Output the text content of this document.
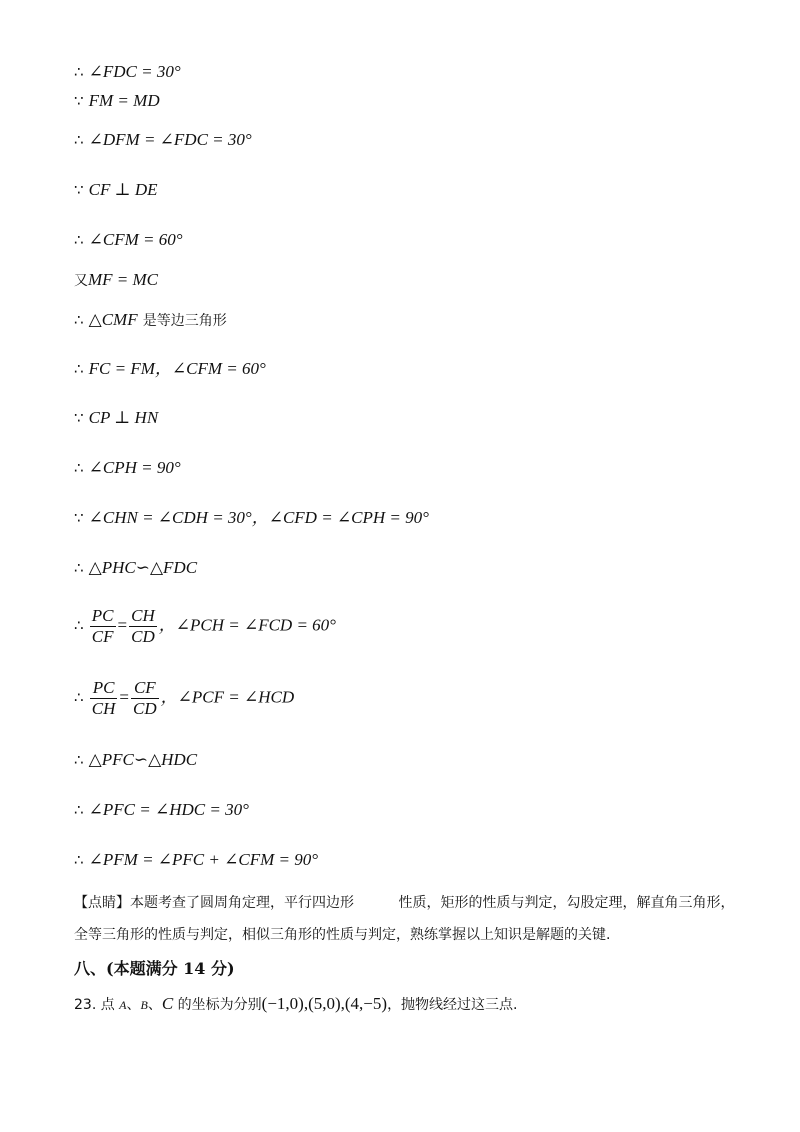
∴ ∠FDC = 30°
∵ FM = MD
∴ ∠DFM = ∠FDC = 30°
∵ CF ⊥ DE
∴ ∠CFM = 60°
又MF = MC
∴ △CMF 是等边三角形
∴ FC = FM，∠CFM = 60°
∵ CP ⊥ HN
∴ ∠CPH = 90°
∵ ∠CHN = ∠CDH = 30°，∠CFD = ∠CPH = 90°
∴ △PHC∽△FDC
∴ $\frac{PC}{CF} = \frac{CH}{CD}$ ，∠PCH = ∠FCD = 60°
∴ $\frac{PC}{CH} = \frac{CF}{CD}$ ，∠PCF = ∠HCD
∴ △PFC∽△HDC
∴ ∠PFC = ∠HDC = 30°
∴ ∠PFM = ∠PFC + ∠CFM = 90°
【点睛】本题考查了圆周角定理，平行四边形          性质，矩形的性质与判定，勾股定理，解直角三角形，
全等三角形的性质与判定，相似三角形的性质与判定，熟练掌握以上知识是解题的关键.
八、(本题满分 14 分)
23. 点 A、B、C 的坐标为分别(−1,0),(5,0),(4,−5)，抛物线经过这三点.
